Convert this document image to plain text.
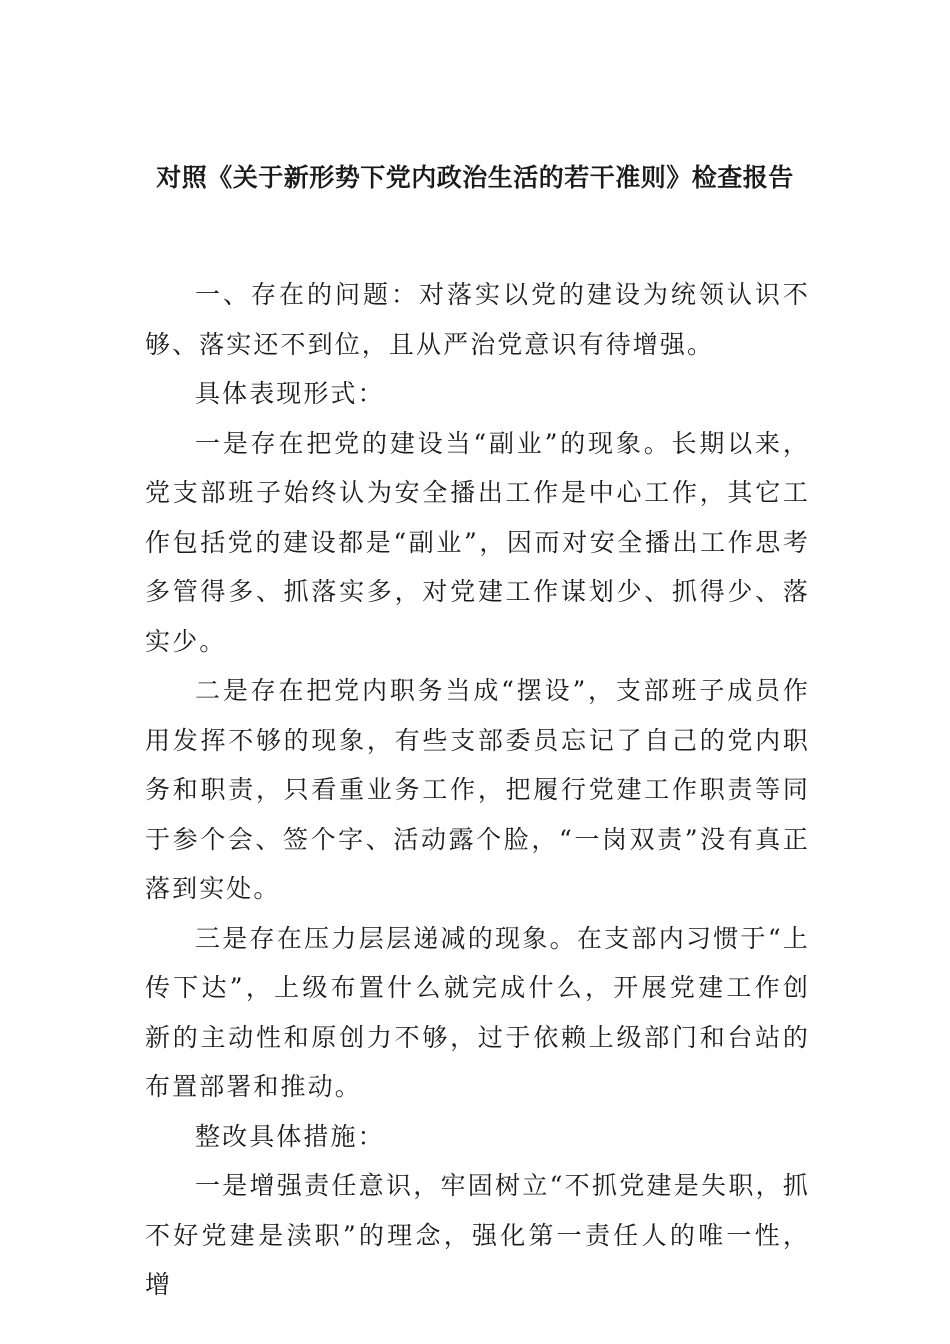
对照《关于新形势下党内政治生活的若干准则》检查报告

一、存在的问题：对落实以党的建设为统领认识不够、落实还不到位，且从严治党意识有待增强。

具体表现形式：

一是存在把党的建设当“副业”的现象。长期以来，党支部班子始终认为安全播出工作是中心工作，其它工作包括党的建设都是“副业”，因而对安全播出工作思考多管得多、抓落实多，对党建工作谋划少、抓得少、落实少。

二是存在把党内职务当成“摆设”，支部班子成员作用发挥不够的现象，有些支部委员忘记了自己的党内职务和职责，只看重业务工作，把履行党建工作职责等同于参个会、签个字、活动露个脸，“一岗双责”没有真正落到实处。

三是存在压力层层递减的现象。在支部内习惯于“上传下达”，上级布置什么就完成什么，开展党建工作创新的主动性和原创力不够，过于依赖上级部门和台站的布置部署和推动。

整改具体措施：

一是增强责任意识，牢固树立“不抓党建是失职，抓不好党建是渎职”的理念，强化第一责任人的唯一性，增
